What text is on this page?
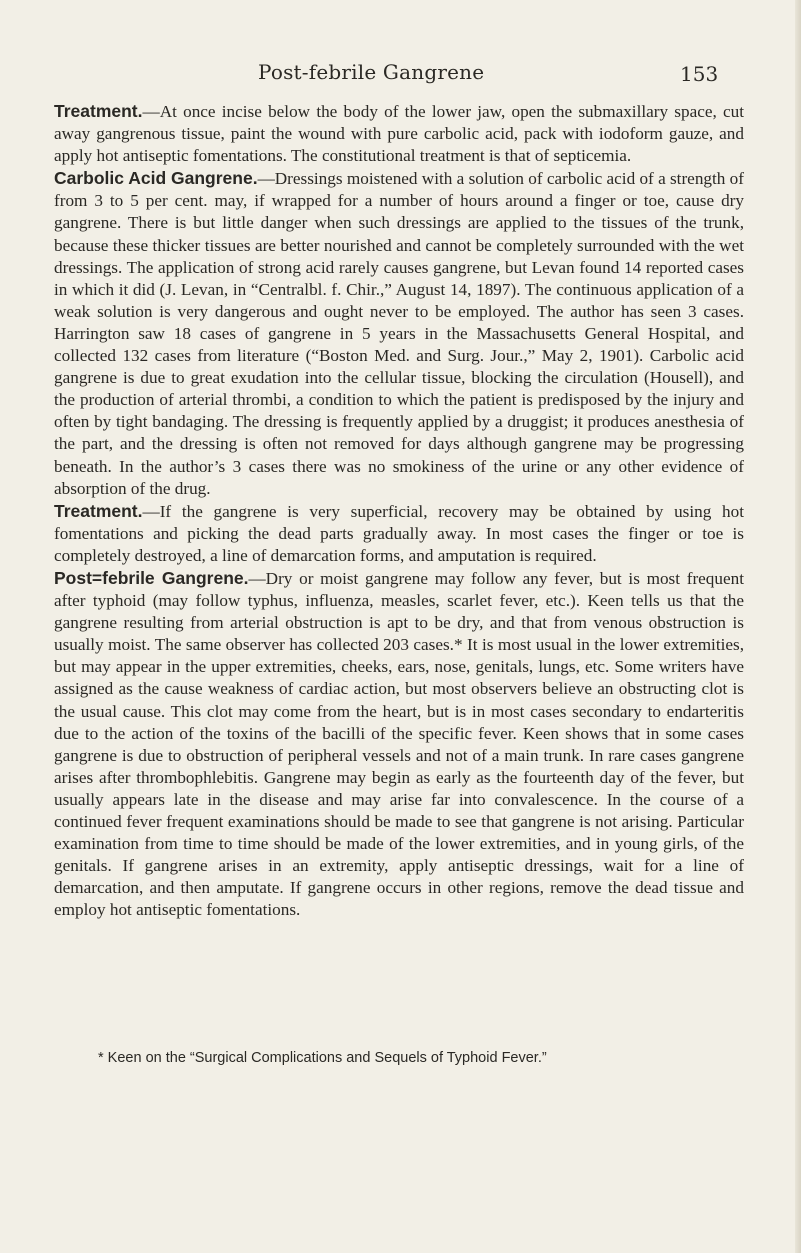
Post-febrile Gangrene	153

Treatment.—At once incise below the body of the lower jaw, open the submaxillary space, cut away gangrenous tissue, paint the wound with pure carbolic acid, pack with iodoform gauze, and apply hot antiseptic fomentations. The constitutional treatment is that of septicemia.

Carbolic Acid Gangrene.—Dressings moistened with a solution of carbolic acid of a strength of from 3 to 5 per cent. may, if wrapped for a number of hours around a finger or toe, cause dry gangrene. There is but little danger when such dressings are applied to the tissues of the trunk, because these thicker tissues are better nourished and cannot be completely surrounded with the wet dressings. The application of strong acid rarely causes gangrene, but Levan found 14 reported cases in which it did (J. Levan, in “Centralbl. f. Chir.,” August 14, 1897). The continuous application of a weak solution is very dangerous and ought never to be employed. The author has seen 3 cases. Harrington saw 18 cases of gangrene in 5 years in the Massachusetts General Hospital, and collected 132 cases from literature (“Boston Med. and Surg. Jour.,” May 2, 1901). Carbolic acid gangrene is due to great exudation into the cellular tissue, blocking the circulation (Housell), and the production of arterial thrombi, a condition to which the patient is predisposed by the injury and often by tight bandaging. The dressing is frequently applied by a druggist; it produces anesthesia of the part, and the dressing is often not removed for days although gangrene may be progressing beneath. In the author’s 3 cases there was no smokiness of the urine or any other evidence of absorption of the drug.

Treatment.—If the gangrene is very superficial, recovery may be obtained by using hot fomentations and picking the dead parts gradually away. In most cases the finger or toe is completely destroyed, a line of demarcation forms, and amputation is required.

Post=febrile Gangrene.—Dry or moist gangrene may follow any fever, but is most frequent after typhoid (may follow typhus, influenza, measles, scarlet fever, etc.). Keen tells us that the gangrene resulting from arterial obstruction is apt to be dry, and that from venous obstruction is usually moist. The same observer has collected 203 cases.* It is most usual in the lower extremities, but may appear in the upper extremities, cheeks, ears, nose, genitals, lungs, etc. Some writers have assigned as the cause weakness of cardiac action, but most observers believe an obstructing clot is the usual cause. This clot may come from the heart, but is in most cases secondary to endarteritis due to the action of the toxins of the bacilli of the specific fever. Keen shows that in some cases gangrene is due to obstruction of peripheral vessels and not of a main trunk. In rare cases gangrene arises after thrombophlebitis. Gangrene may begin as early as the fourteenth day of the fever, but usually appears late in the disease and may arise far into convalescence. In the course of a continued fever frequent examinations should be made to see that gangrene is not arising. Particular examination from time to time should be made of the lower extremities, and in young girls, of the genitals. If gangrene arises in an extremity, apply antiseptic dressings, wait for a line of demarcation, and then amputate. If gangrene occurs in other regions, remove the dead tissue and employ hot antiseptic fomentations.

* Keen on the “Surgical Complications and Sequels of Typhoid Fever.”
